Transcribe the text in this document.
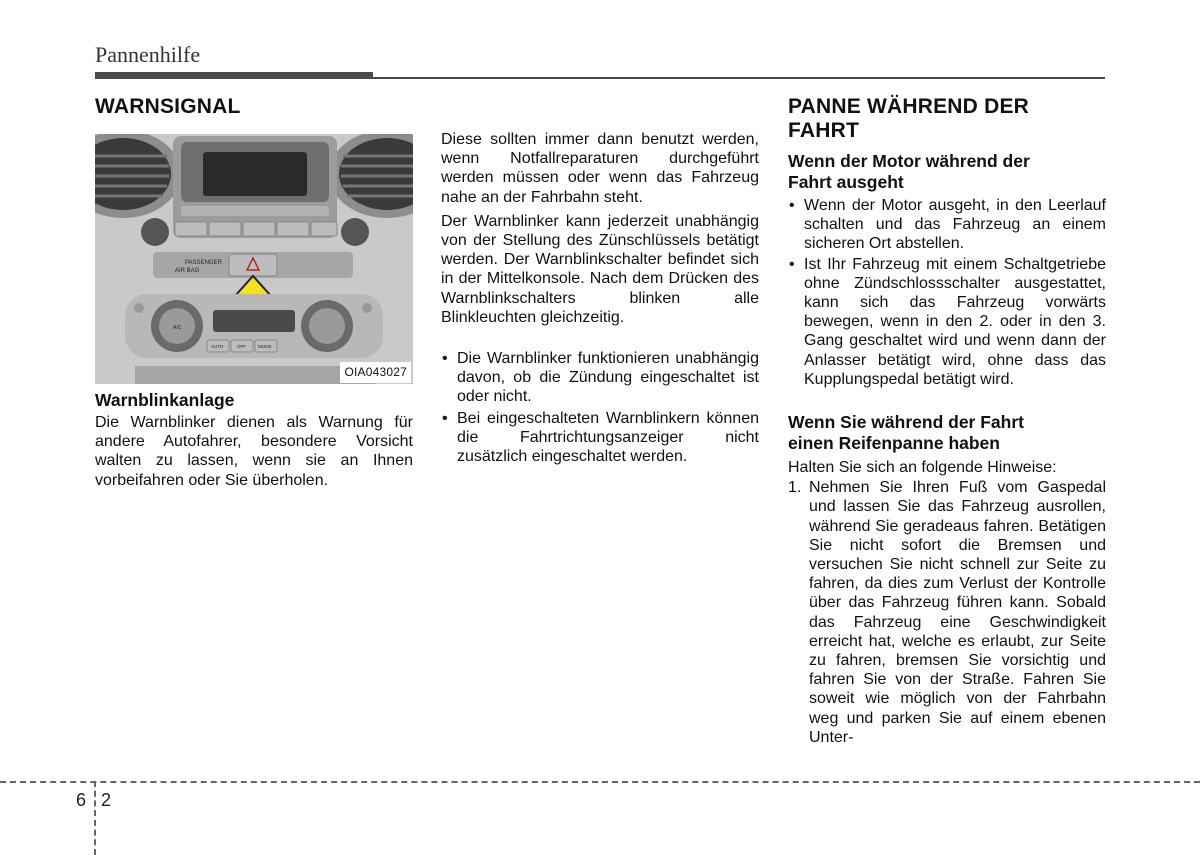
Pannenhilfe
WARNSIGNAL
PASSENGER
AIR BAG
A/C
AUTO	OFF	MODE
OIA043027
Warnblinkanlage

Die Warnblinker dienen als Warnung für andere Autofahrer, besondere Vorsicht walten zu lassen, wenn sie an Ihnen vorbeifahren oder Sie überholen.

Diese sollten immer dann benutzt werden, wenn Notfallreparaturen durchgeführt werden müssen oder wenn das Fahrzeug nahe an der Fahrbahn steht.

Der Warnblinker kann jederzeit unabhängig von der Stellung des Zünschlüssels betätigt werden. Der Warnblinkschalter befindet sich in der Mittelkonsole. Nach dem Drücken des Warnblinkschalters blinken alle Blinkleuchten gleichzeitig.

• Die Warnblinker funktionieren unabhängig davon, ob die Zündung eingeschaltet ist oder nicht.
• Bei eingeschalteten Warnblinkern können die Fahrtrichtungsanzeiger nicht zusätzlich eingeschaltet werden.
PANNE WÄHREND DER
FAHRT
Wenn der Motor während der
Fahrt ausgeht
• Wenn der Motor ausgeht, in den Leerlauf schalten und das Fahrzeug an einem sicheren Ort abstellen.
• Ist Ihr Fahrzeug mit einem Schaltgetriebe ohne Zündschlossschalter ausgestattet, kann sich das Fahrzeug vorwärts bewegen, wenn in den 2. oder in den 3. Gang geschaltet wird und wenn dann der Anlasser betätigt wird, ohne dass das Kupplungspedal betätigt wird.
Wenn Sie während der Fahrt
einen Reifenpanne haben

Halten Sie sich an folgende Hinweise:

1. Nehmen Sie Ihren Fuß vom Gaspedal und lassen Sie das Fahrzeug ausrollen, während Sie geradeaus fahren. Betätigen Sie nicht sofort die Bremsen und versuchen Sie nicht schnell zur Seite zu fahren, da dies zum Verlust der Kontrolle über das Fahrzeug führen kann. Sobald das Fahrzeug eine Geschwindigkeit erreicht hat, welche es erlaubt, zur Seite zu fahren, bremsen Sie vorsichtig und fahren Sie von der Straße. Fahren Sie soweit wie möglich von der Fahrbahn weg und parken Sie auf einem ebenen Unter-
6 2
